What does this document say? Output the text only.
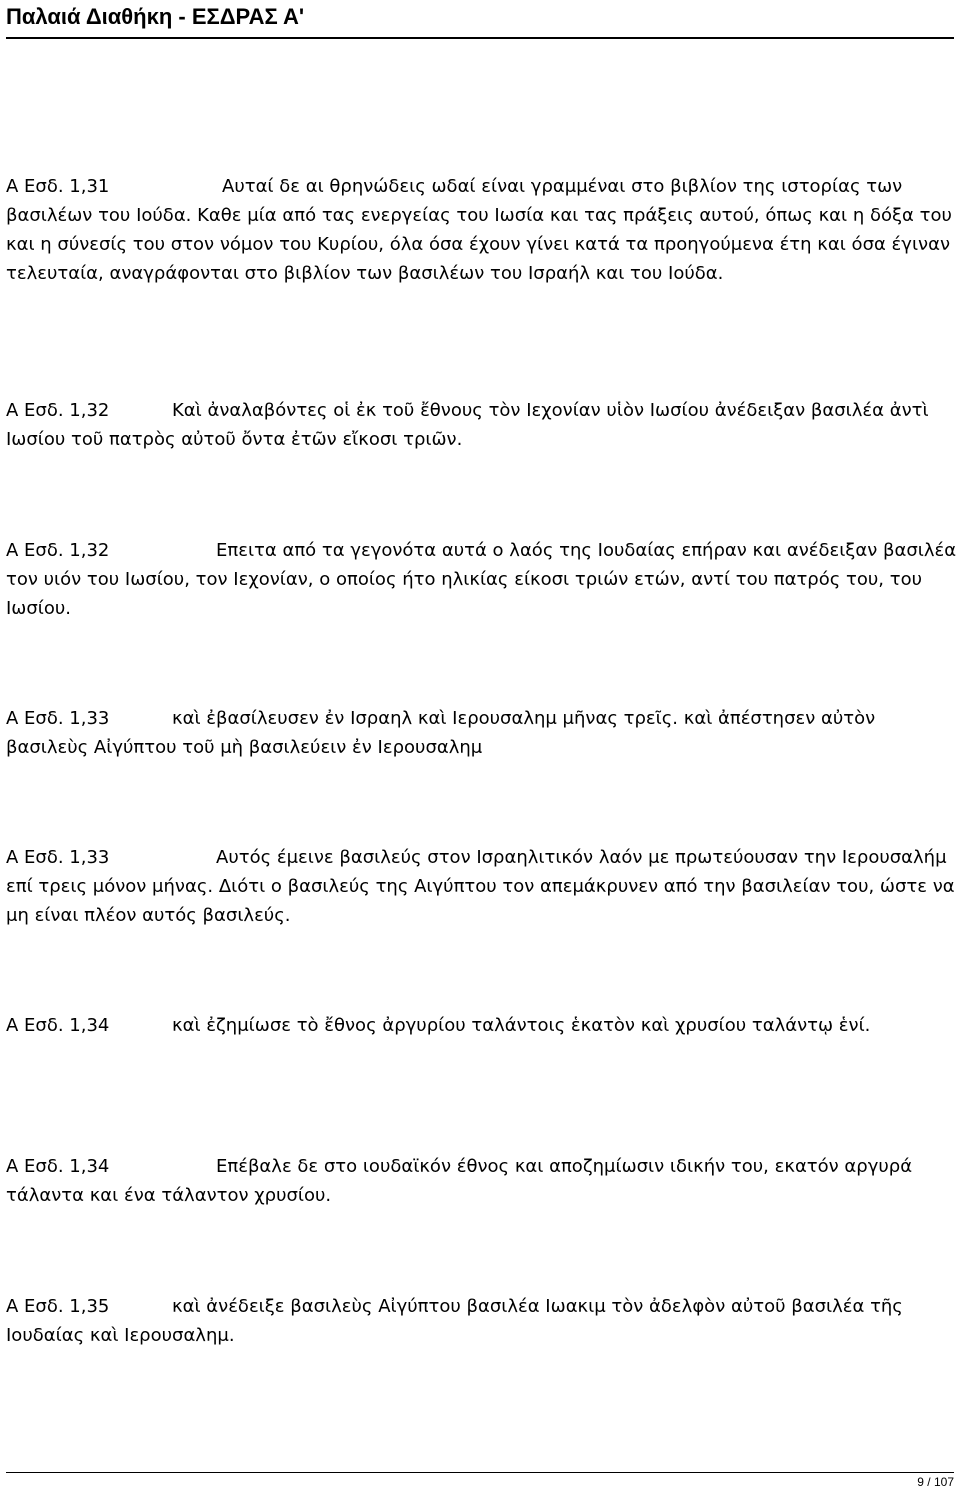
Παλαιά Διαθήκη - ΕΣΔΡΑΣ Α'

Α Εσδ. 1,31	Αυταί δε αι θρηνώδεις ωδαί είναι γραμμέναι στο βιβλίον της ιστορίας των βασιλέων του Ιούδα. Καθε μία από τας ενεργείας του Ιωσία και τας πράξεις αυτού, όπως και η δόξα του και η σύνεσίς του στον νόμον του Κυρίου, όλα όσα έχουν γίνει κατά τα προηγούμενα έτη και όσα έγιναν τελευταία, αναγράφονται στο βιβλίον των βασιλέων του Ισραήλ και του Ιούδα.

Α Εσδ. 1,32	Καὶ ἀναλαβόντες οἱ ἐκ τοῦ ἔθνους τὸν Ιεχονίαν υἱὸν Ιωσίου ἀνέδειξαν βασιλέα ἀντὶ Ιωσίου τοῦ πατρὸς αὐτοῦ ὄντα ἐτῶν εἴκοσι τριῶν.

Α Εσδ. 1,32	Επειτα από τα γεγονότα αυτά ο λαός της Ιουδαίας επήραν και ανέδειξαν βασιλέα τον υιόν του Ιωσίου, τον Ιεχονίαν, ο οποίος ήτο ηλικίας είκοσι τριών ετών, αντί του πατρός του, του Ιωσίου.

Α Εσδ. 1,33	καὶ ἐβασίλευσεν ἐν Ισραηλ καὶ Ιερουσαλημ μῆνας τρεῖς. καὶ ἀπέστησεν αὐτὸν βασιλεὺς Αἰγύπτου τοῦ μὴ βασιλεύειν ἐν Ιερουσαλημ

Α Εσδ. 1,33	Αυτός έμεινε βασιλεύς στον Ισραηλιτικόν λαόν με πρωτεύουσαν την Ιερουσαλήμ επί τρεις μόνον μήνας. Διότι ο βασιλεύς της Αιγύπτου τον απεμάκρυνεν από την βασιλείαν του, ώστε να μη είναι πλέον αυτός βασιλεύς.

Α Εσδ. 1,34	καὶ ἐζημίωσε τὸ ἔθνος ἀργυρίου ταλάντοις ἑκατὸν καὶ χρυσίου ταλάντῳ ἑνί.

Α Εσδ. 1,34	Επέβαλε δε στο ιουδαϊκόν έθνος και αποζημίωσιν ιδικήν του, εκατόν αργυρά τάλαντα και ένα τάλαντον χρυσίου.

Α Εσδ. 1,35	καὶ ἀνέδειξε βασιλεὺς Αἰγύπτου βασιλέα Ιωακιμ τὸν ἀδελφὸν αὐτοῦ βασιλέα τῆς Ιουδαίας καὶ Ιερουσαλημ.

9 / 107
